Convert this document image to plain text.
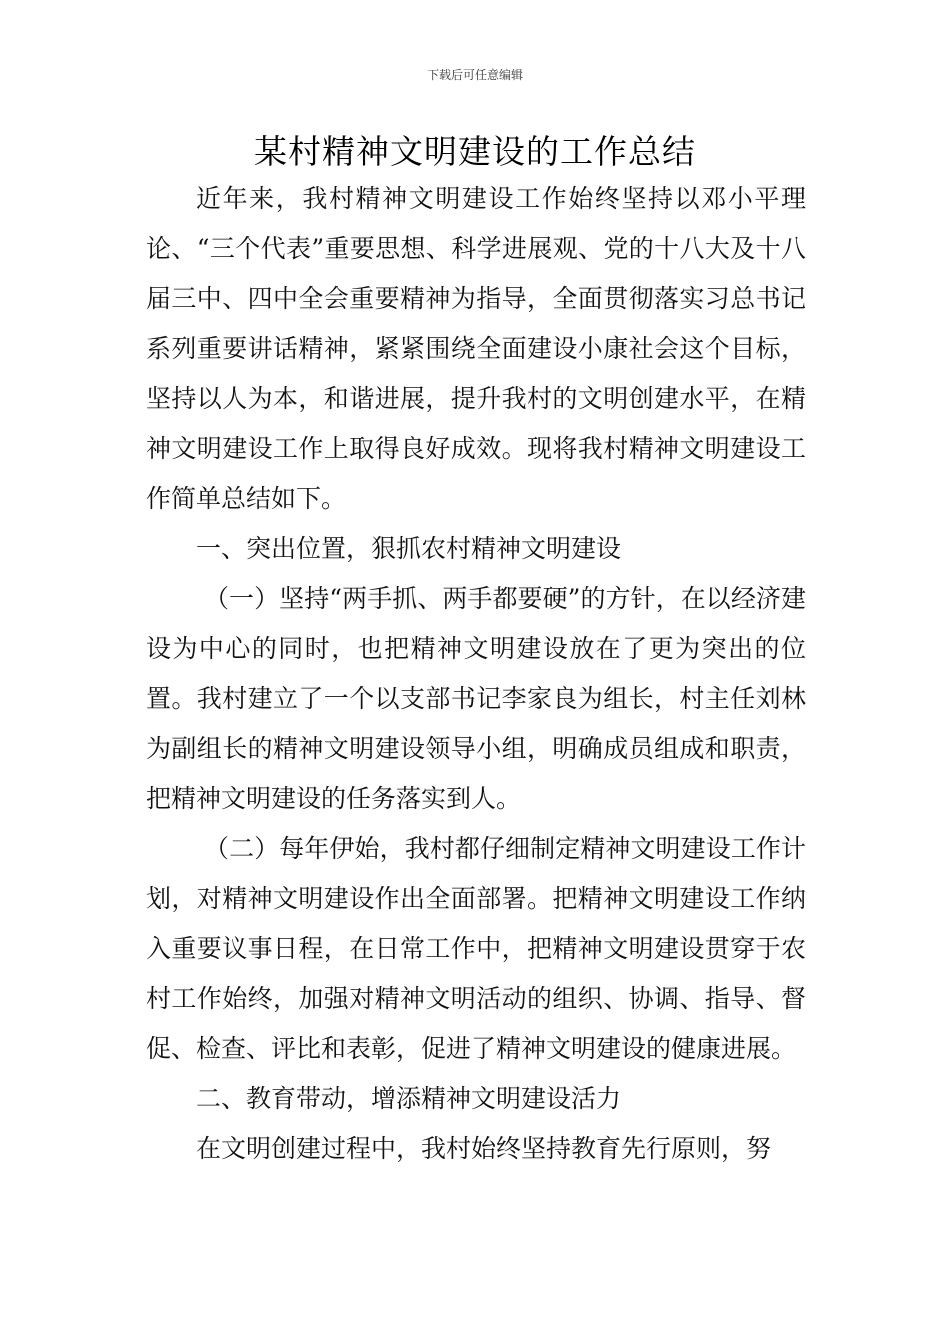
下载后可任意编辑
某村精神文明建设的工作总结

近年来，我村精神文明建设工作始终坚持以邓小平理论、“三个代表”重要思想、科学进展观、党的十八大及十八届三中、四中全会重要精神为指导，全面贯彻落实习总书记系列重要讲话精神，紧紧围绕全面建设小康社会这个目标，坚持以人为本，和谐进展，提升我村的文明创建水平，在精神文明建设工作上取得良好成效。现将我村精神文明建设工作简单总结如下。

一、突出位置，狠抓农村精神文明建设

（一）坚持“两手抓、两手都要硬”的方针，在以经济建设为中心的同时，也把精神文明建设放在了更为突出的位置。我村建立了一个以支部书记李家良为组长，村主任刘林为副组长的精神文明建设领导小组，明确成员组成和职责，把精神文明建设的任务落实到人。

（二）每年伊始，我村都仔细制定精神文明建设工作计划，对精神文明建设作出全面部署。把精神文明建设工作纳入重要议事日程，在日常工作中，把精神文明建设贯穿于农村工作始终，加强对精神文明活动的组织、协调、指导、督促、检查、评比和表彰，促进了精神文明建设的健康进展。

二、教育带动，增添精神文明建设活力

在文明创建过程中，我村始终坚持教育先行原则，努
